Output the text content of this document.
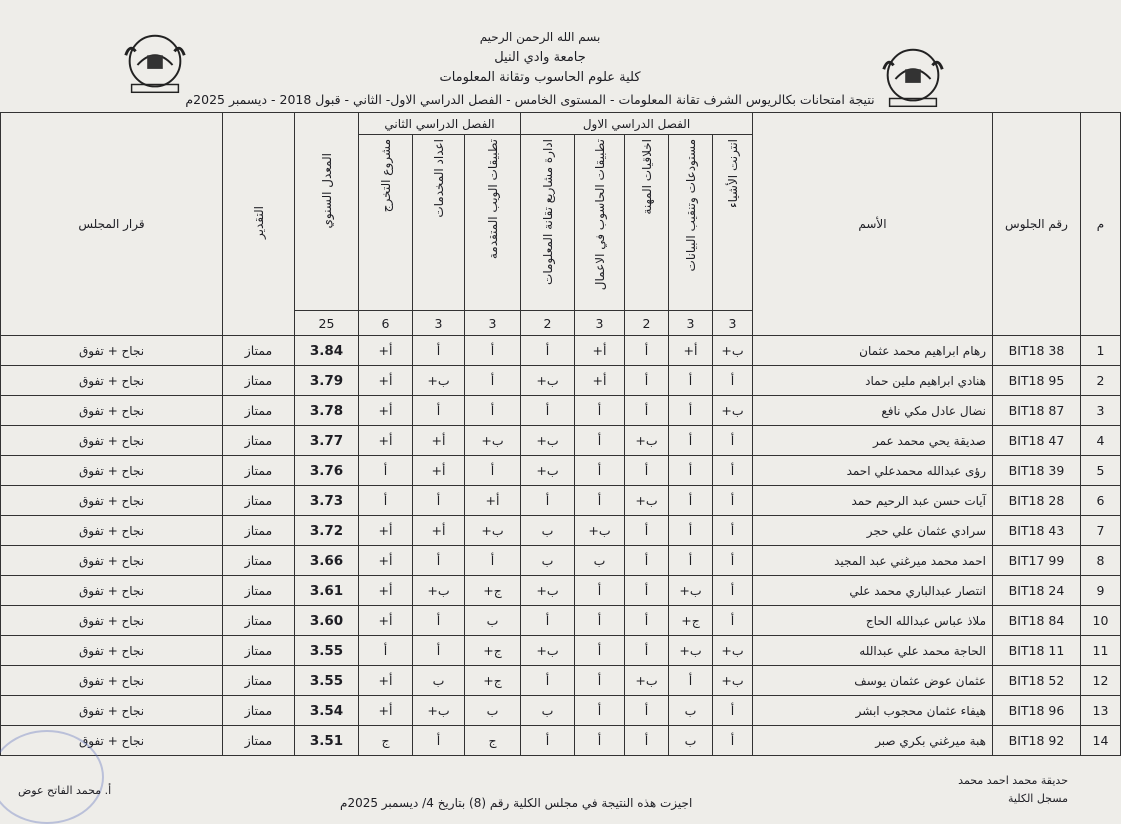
بسم الله الرحمن الرحيم
جامعة وادي النيل
كلية علوم الحاسوب وتقانة المعلومات
نتيجة امتحانات بكالريوس الشرف تقانة المعلومات - المستوى الخامس - الفصل الدراسي الاول- الثاني - قبول 2018 - ديسمبر 2025م
م	رقم الجلوس	الأسم	الفصل الدراسي الاول					الفصل الدراسي الثاني			المعدل السنوي	التقدير	قرار المجلس
			انترنت الأشياء	مستودعات وتنقيب البيانات	اخلاقيات المهنة	تطبيقات الحاسوب في الاعمال	ادارة مشاريع تقانة المعلومات	تطبيقات الويب المتقدمة	اعداد المخدمات	مشروع التخرج			
			3	3	2	3	2	3	3	6	25		
1	BIT18 38	رهام ابراهيم محمد عثمان	ب+	أ+	أ	أ+	أ	أ	أ	أ+	3.84	ممتاز	نجاح + تفوق
2	BIT18 95	هنادي ابراهيم ملين حماد	أ	أ	أ	أ+	ب+	أ	ب+	أ+	3.79	ممتاز	نجاح + تفوق
3	BIT18 87	نضال عادل مكي نافع	ب+	أ	أ	أ	أ	أ	أ	أ+	3.78	ممتاز	نجاح + تفوق
4	BIT18 47	صديقة يحي محمد عمر	أ	أ	ب+	أ	ب+	ب+	أ+	أ+	3.77	ممتاز	نجاح + تفوق
5	BIT18 39	رؤى عبدالله محمدعلي احمد	أ	أ	أ	أ	ب+	أ	أ+	أ	3.76	ممتاز	نجاح + تفوق
6	BIT18 28	آيات حسن عبد الرحيم حمد	أ	أ	ب+	أ	أ	أ+	أ	أ	3.73	ممتاز	نجاح + تفوق
7	BIT18 43	سرادي عثمان علي حجر	أ	أ	أ	ب+	ب	ب+	أ+	أ+	3.72	ممتاز	نجاح + تفوق
8	BIT17 99	احمد محمد ميرغني عبد المجيد	أ	أ	أ	ب	ب	أ	أ	أ+	3.66	ممتاز	نجاح + تفوق
9	BIT18 24	انتصار عبدالباري محمد علي	أ	ب+	أ	أ	ب+	ج+	ب+	أ+	3.61	ممتاز	نجاح + تفوق
10	BIT18 84	ملاذ عباس عبدالله الحاج	أ	ج+	أ	أ	أ	ب	أ	أ+	3.60	ممتاز	نجاح + تفوق
11	BIT18 11	الحاجة محمد علي عبدالله	ب+	ب+	أ	أ	ب+	ج+	أ	أ	3.55	ممتاز	نجاح + تفوق
12	BIT18 52	عثمان عوض عثمان يوسف	ب+	أ	ب+	أ	أ	ج+	ب	أ+	3.55	ممتاز	نجاح + تفوق
13	BIT18 96	هيفاء عثمان محجوب ابشر	أ	ب	أ	أ	ب	ب	ب+	أ+	3.54	ممتاز	نجاح + تفوق
14	BIT18 92	هبة ميرغني بكري صبر	أ	ب	أ	أ	أ	ج	أ	ج	3.51	ممتاز	نجاح + تفوق
أ. محمد الفاتح عوض
حديقة محمد احمد محمد
مسجل الكلية
اجيزت هذه النتيجة في مجلس الكلية رقم (8) بتاريخ 4/ ديسمبر 2025م
